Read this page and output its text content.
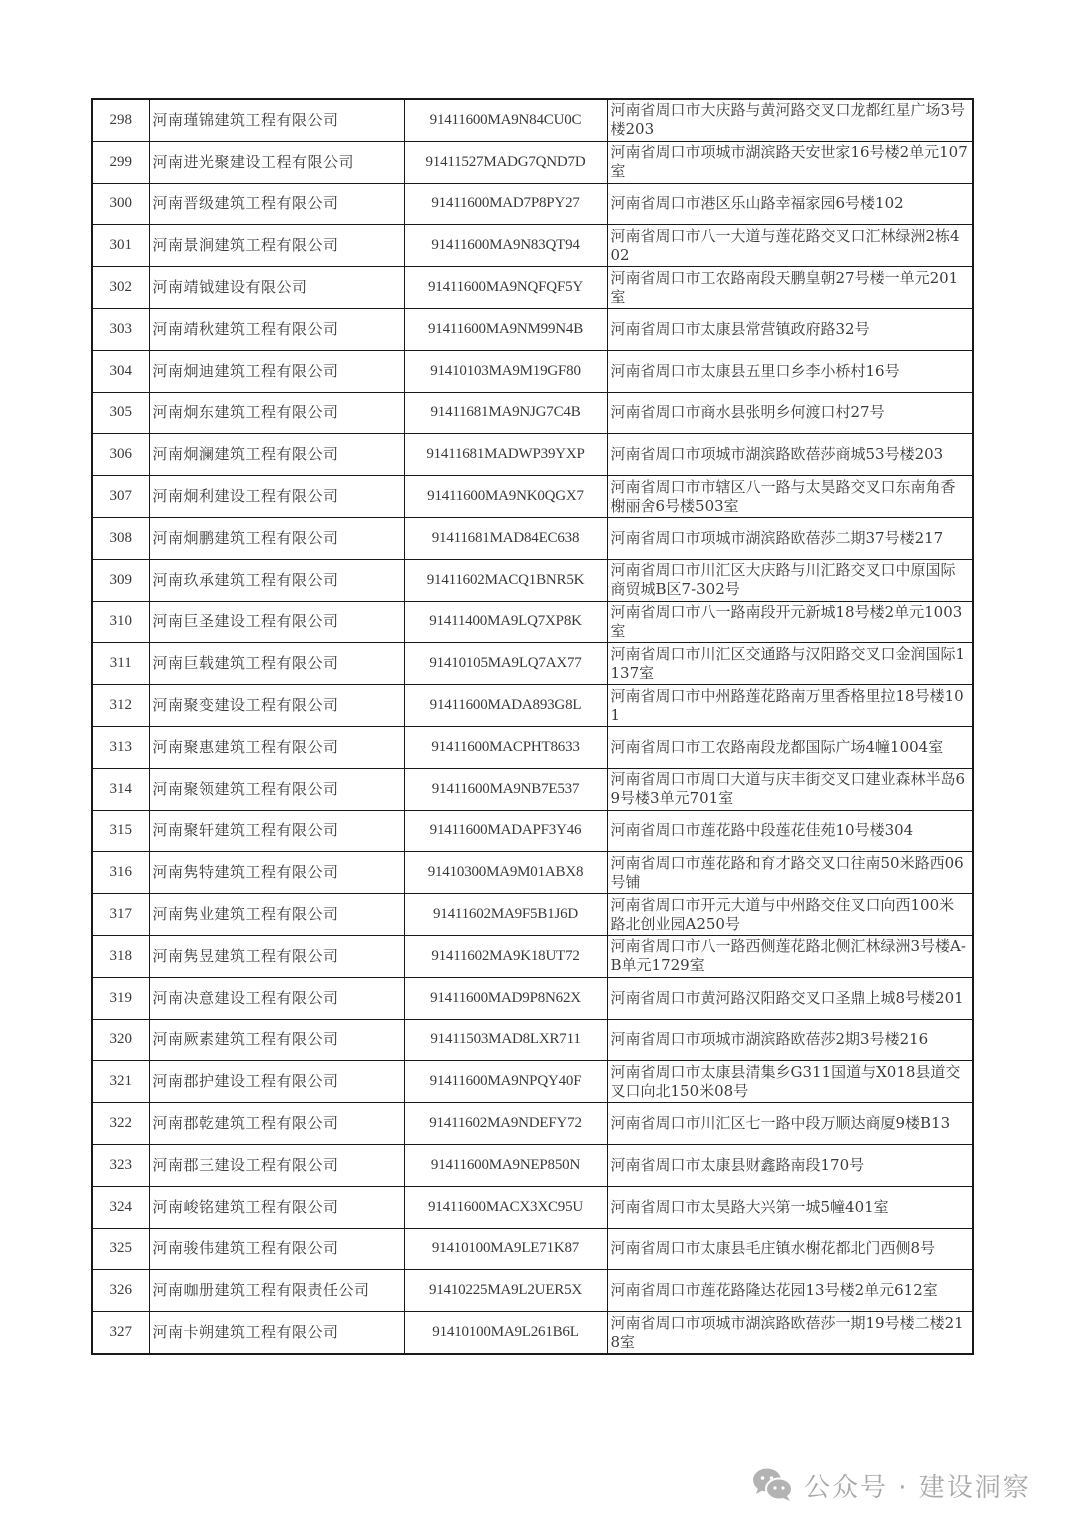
298	河南瑾锦建筑工程有限公司	91411600MA9N84CU0C	河南省周口市大庆路与黄河路交叉口龙都红星广场3号楼203
299	河南进光聚建设工程有限公司	91411527MADG7QND7D	河南省周口市项城市湖滨路天安世家16号楼2单元107室
300	河南晋级建筑工程有限公司	91411600MAD7P8PY27	河南省周口市港区乐山路幸福家园6号楼102
301	河南景涧建筑工程有限公司	91411600MA9N83QT94	河南省周口市八一大道与莲花路交叉口汇林绿洲2栋402
302	河南靖钺建设有限公司	91411600MA9NQFQF5Y	河南省周口市工农路南段天鹏皇朝27号楼一单元201室
303	河南靖秋建筑工程有限公司	91411600MA9NM99N4B	河南省周口市太康县常营镇政府路32号
304	河南炯迪建筑工程有限公司	91410103MA9M19GF80	河南省周口市太康县五里口乡李小桥村16号
305	河南炯东建筑工程有限公司	91411681MA9NJG7C4B	河南省周口市商水县张明乡何渡口村27号
306	河南炯澜建筑工程有限公司	91411681MADWP39YXP	河南省周口市项城市湖滨路欧蓓莎商城53号楼203
307	河南炯利建设工程有限公司	91411600MA9NK0QGX7	河南省周口市市辖区八一路与太昊路交叉口东南角香榭丽舍6号楼503室
308	河南炯鹏建筑工程有限公司	91411681MAD84EC638	河南省周口市项城市湖滨路欧蓓莎二期37号楼217
309	河南玖承建筑工程有限公司	91411602MACQ1BNR5K	河南省周口市川汇区大庆路与川汇路交叉口中原国际商贸城B区7-302号
310	河南巨圣建设工程有限公司	91411400MA9LQ7XP8K	河南省周口市八一路南段开元新城18号楼2单元1003室
311	河南巨载建筑工程有限公司	91410105MA9LQ7AX77	河南省周口市川汇区交通路与汉阳路交叉口金润国际1137室
312	河南聚变建设工程有限公司	91411600MADA893G8L	河南省周口市中州路莲花路南万里香格里拉18号楼101
313	河南聚惠建筑工程有限公司	91411600MACPHT8633	河南省周口市工农路南段龙都国际广场4幢1004室
314	河南聚领建筑工程有限公司	91411600MA9NB7E537	河南省周口市周口大道与庆丰街交叉口建业森林半岛69号楼3单元701室
315	河南聚轩建筑工程有限公司	91411600MADAPF3Y46	河南省周口市莲花路中段莲花佳苑10号楼304
316	河南隽特建筑工程有限公司	91410300MA9M01ABX8	河南省周口市莲花路和育才路交叉口往南50米路西06号铺
317	河南隽业建筑工程有限公司	91411602MA9F5B1J6D	河南省周口市开元大道与中州路交住叉口向西100米路北创业园A250号
318	河南隽昱建筑工程有限公司	91411602MA9K18UT72	河南省周口市八一路西侧莲花路北侧汇林绿洲3号楼A-B单元1729室
319	河南决意建设工程有限公司	91411600MAD9P8N62X	河南省周口市黄河路汉阳路交叉口圣鼎上城8号楼201
320	河南厥素建筑工程有限公司	91411503MAD8LXR711	河南省周口市项城市湖滨路欧蓓莎2期3号楼216
321	河南郡护建设工程有限公司	91411600MA9NPQY40F	河南省周口市太康县清集乡G311国道与X018县道交叉口向北150米08号
322	河南郡乾建筑工程有限公司	91411602MA9NDEFY72	河南省周口市川汇区七一路中段万顺达商厦9楼B13
323	河南郡三建设工程有限公司	91411600MA9NEP850N	河南省周口市太康县财鑫路南段170号
324	河南峻铭建筑工程有限公司	91411600MACX3XC95U	河南省周口市太昊路大兴第一城5幢401室
325	河南骏伟建筑工程有限公司	91410100MA9LE71K87	河南省周口市太康县毛庄镇水榭花都北门西侧8号
326	河南咖册建筑工程有限责任公司	91410225MA9L2UER5X	河南省周口市莲花路隆达花园13号楼2单元612室
327	河南卡朔建筑工程有限公司	91410100MA9L261B6L	河南省周口市项城市湖滨路欧蓓莎一期19号楼二楼218室
公众号 · 建设洞察
